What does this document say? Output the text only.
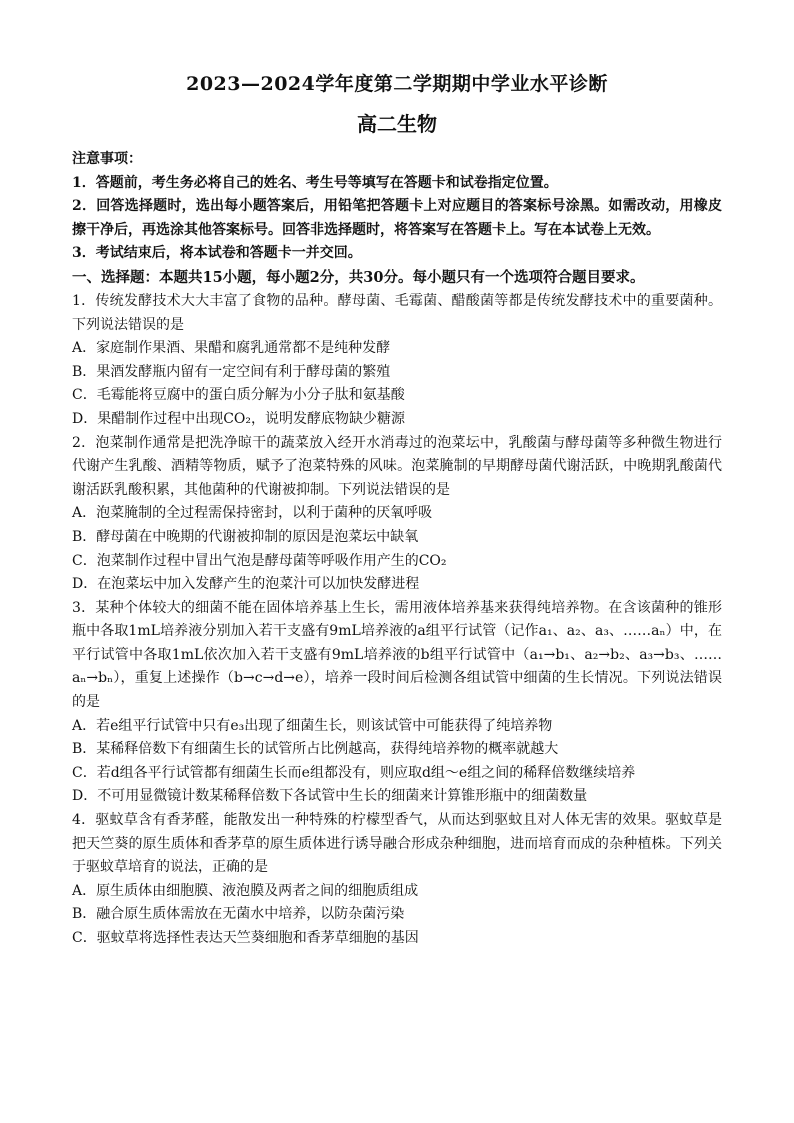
2023—2024学年度第二学期期中学业水平诊断
高二生物

注意事项：

1．答题前，考生务必将自己的姓名、考生号等填写在答题卡和试卷指定位置。

2．回答选择题时，选出每小题答案后，用铅笔把答题卡上对应题目的答案标号涂黑。如需改动，用橡皮擦干净后，再选涂其他答案标号。回答非选择题时，将答案写在答题卡上。写在本试卷上无效。

3．考试结束后，将本试卷和答题卡一并交回。

一、选择题：本题共15小题，每小题2分，共30分。每小题只有一个选项符合题目要求。

1．传统发酵技术大大丰富了食物的品种。酵母菌、毛霉菌、醋酸菌等都是传统发酵技术中的重要菌种。下列说法错误的是

A．家庭制作果酒、果醋和腐乳通常都不是纯种发酵

B．果酒发酵瓶内留有一定空间有利于酵母菌的繁殖

C．毛霉能将豆腐中的蛋白质分解为小分子肽和氨基酸

D．果醋制作过程中出现CO₂，说明发酵底物缺少糖源

2．泡菜制作通常是把洗净晾干的蔬菜放入经开水消毒过的泡菜坛中，乳酸菌与酵母菌等多种微生物进行代谢产生乳酸、酒精等物质，赋予了泡菜特殊的风味。泡菜腌制的早期酵母菌代谢活跃，中晚期乳酸菌代谢活跃乳酸积累，其他菌种的代谢被抑制。下列说法错误的是

A．泡菜腌制的全过程需保持密封，以利于菌种的厌氧呼吸

B．酵母菌在中晚期的代谢被抑制的原因是泡菜坛中缺氧

C．泡菜制作过程中冒出气泡是酵母菌等呼吸作用产生的CO₂

D．在泡菜坛中加入发酵产生的泡菜汁可以加快发酵进程

3．某种个体较大的细菌不能在固体培养基上生长，需用液体培养基来获得纯培养物。在含该菌种的锥形瓶中各取1mL培养液分别加入若干支盛有9mL培养液的a组平行试管（记作a₁、a₂、a₃、……aₙ）中，在平行试管中各取1mL依次加入若干支盛有9mL培养液的b组平行试管中（a₁→b₁、a₂→b₂、a₃→b₃、……aₙ→bₙ），重复上述操作（b→c→d→e），培养一段时间后检测各组试管中细菌的生长情况。下列说法错误的是

A．若e组平行试管中只有e₃出现了细菌生长，则该试管中可能获得了纯培养物

B．某稀释倍数下有细菌生长的试管所占比例越高，获得纯培养物的概率就越大

C．若d组各平行试管都有细菌生长而e组都没有，则应取d组～e组之间的稀释倍数继续培养

D．不可用显微镜计数某稀释倍数下各试管中生长的细菌来计算锥形瓶中的细菌数量

4．驱蚊草含有香茅醛，能散发出一种特殊的柠檬型香气，从而达到驱蚊且对人体无害的效果。驱蚊草是把天竺葵的原生质体和香茅草的原生质体进行诱导融合形成杂种细胞，进而培育而成的杂种植株。下列关于驱蚊草培育的说法，正确的是

A．原生质体由细胞膜、液泡膜及两者之间的细胞质组成

B．融合原生质体需放在无菌水中培养，以防杂菌污染

C．驱蚊草将选择性表达天竺葵细胞和香茅草细胞的基因
